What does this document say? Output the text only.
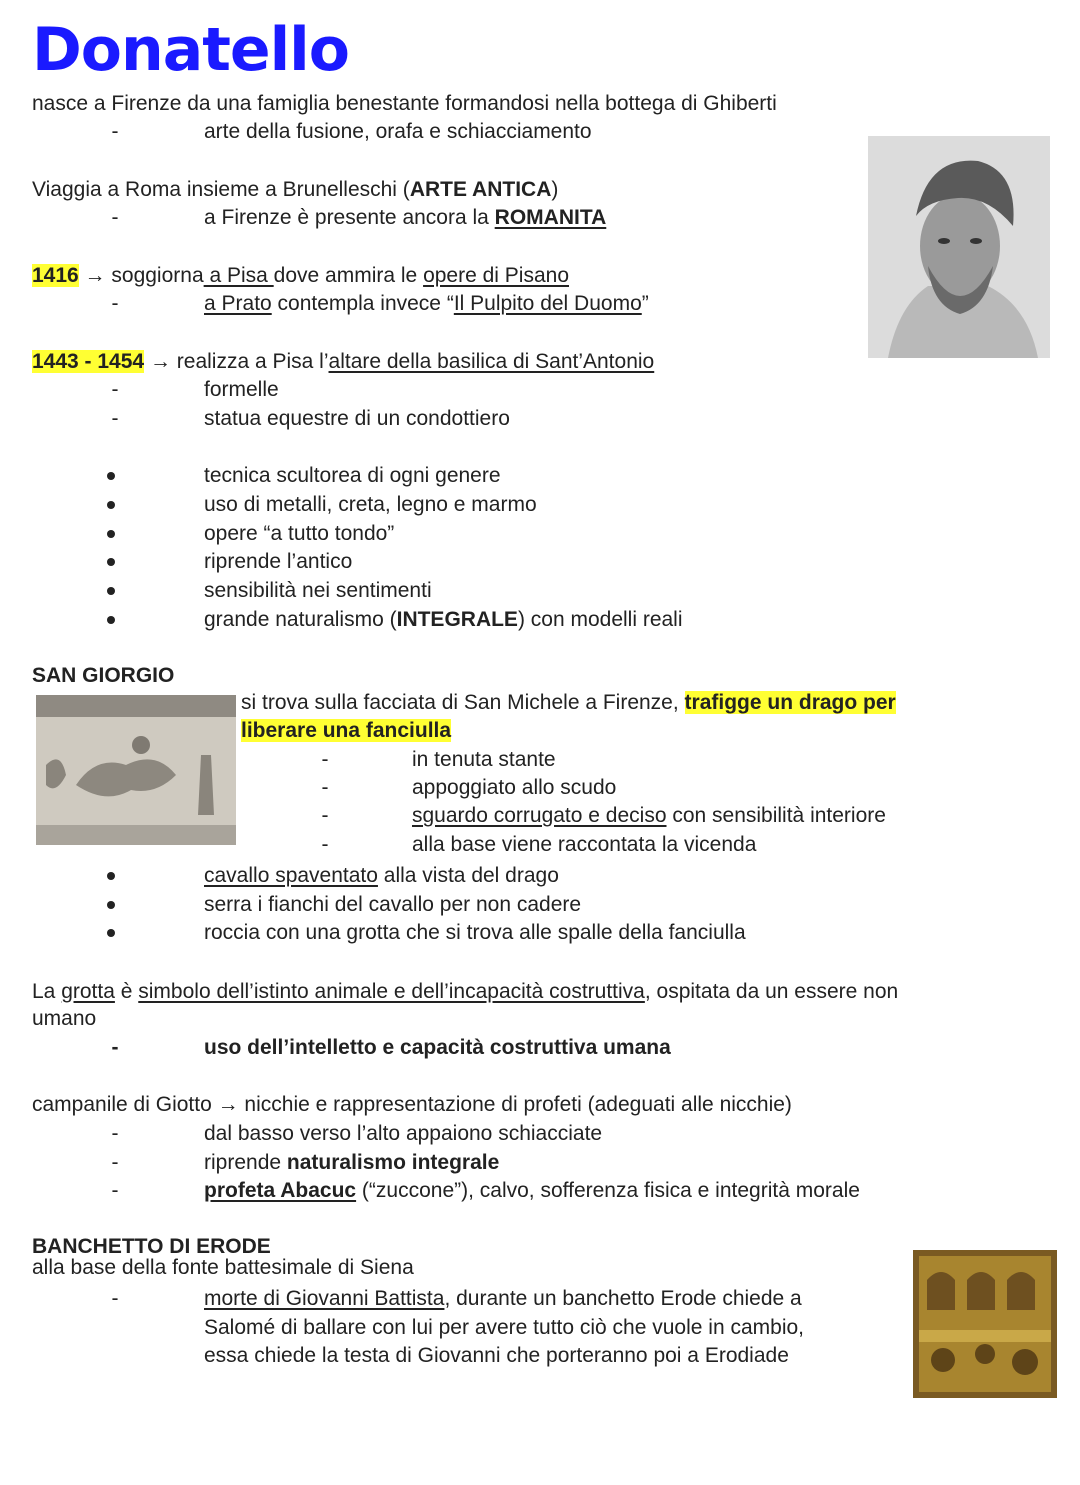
Donatello
nasce a Firenze da una famiglia benestante formandosi nella bottega di Ghiberti
-	arte della fusione, orafa e schiacciamento
Viaggia a Roma insieme a Brunelleschi (ARTE ANTICA)
-	a Firenze è presente ancora la ROMANITA
1416 → soggiorna a Pisa dove ammira le opere di Pisano
-	a Prato contempla invece “Il Pulpito del Duomo”
1443 - 1454 → realizza a Pisa l’altare della basilica di Sant’Antonio
-	formelle
-	statua equestre di un condottiero
tecnica scultorea di ogni genere
uso di metalli, creta, legno e marmo
opere “a tutto tondo”
riprende l’antico
sensibilità nei sentimenti
grande naturalismo (INTEGRALE) con modelli reali
SAN GIORGIO
si trova sulla facciata di San Michele a Firenze, trafigge un drago per
liberare una fanciulla
-	in tenuta stante
-	appoggiato allo scudo
-	sguardo corrugato e deciso con sensibilità interiore
-	alla base viene raccontata la vicenda
cavallo spaventato alla vista del drago
serra i fianchi del cavallo per non cadere
roccia con una grotta che si trova alle spalle della fanciulla
La grotta è simbolo dell’istinto animale e dell’incapacità costruttiva, ospitata da un essere non
umano
-	uso dell’intelletto e capacità costruttiva umana
campanile di Giotto → nicchie e rappresentazione di profeti (adeguati alle nicchie)
-	dal basso verso l’alto appaiono schiacciate
-	riprende naturalismo integrale
-	profeta Abacuc (“zuccone”), calvo, sofferenza fisica e integrità morale
BANCHETTO DI ERODE
alla base della fonte battesimale di Siena
-	morte di Giovanni Battista, durante un banchetto Erode chiede a
Salomé di ballare con lui per avere tutto ciò che vuole in cambio,
essa chiede la testa di Giovanni che porteranno poi a Erodiade
